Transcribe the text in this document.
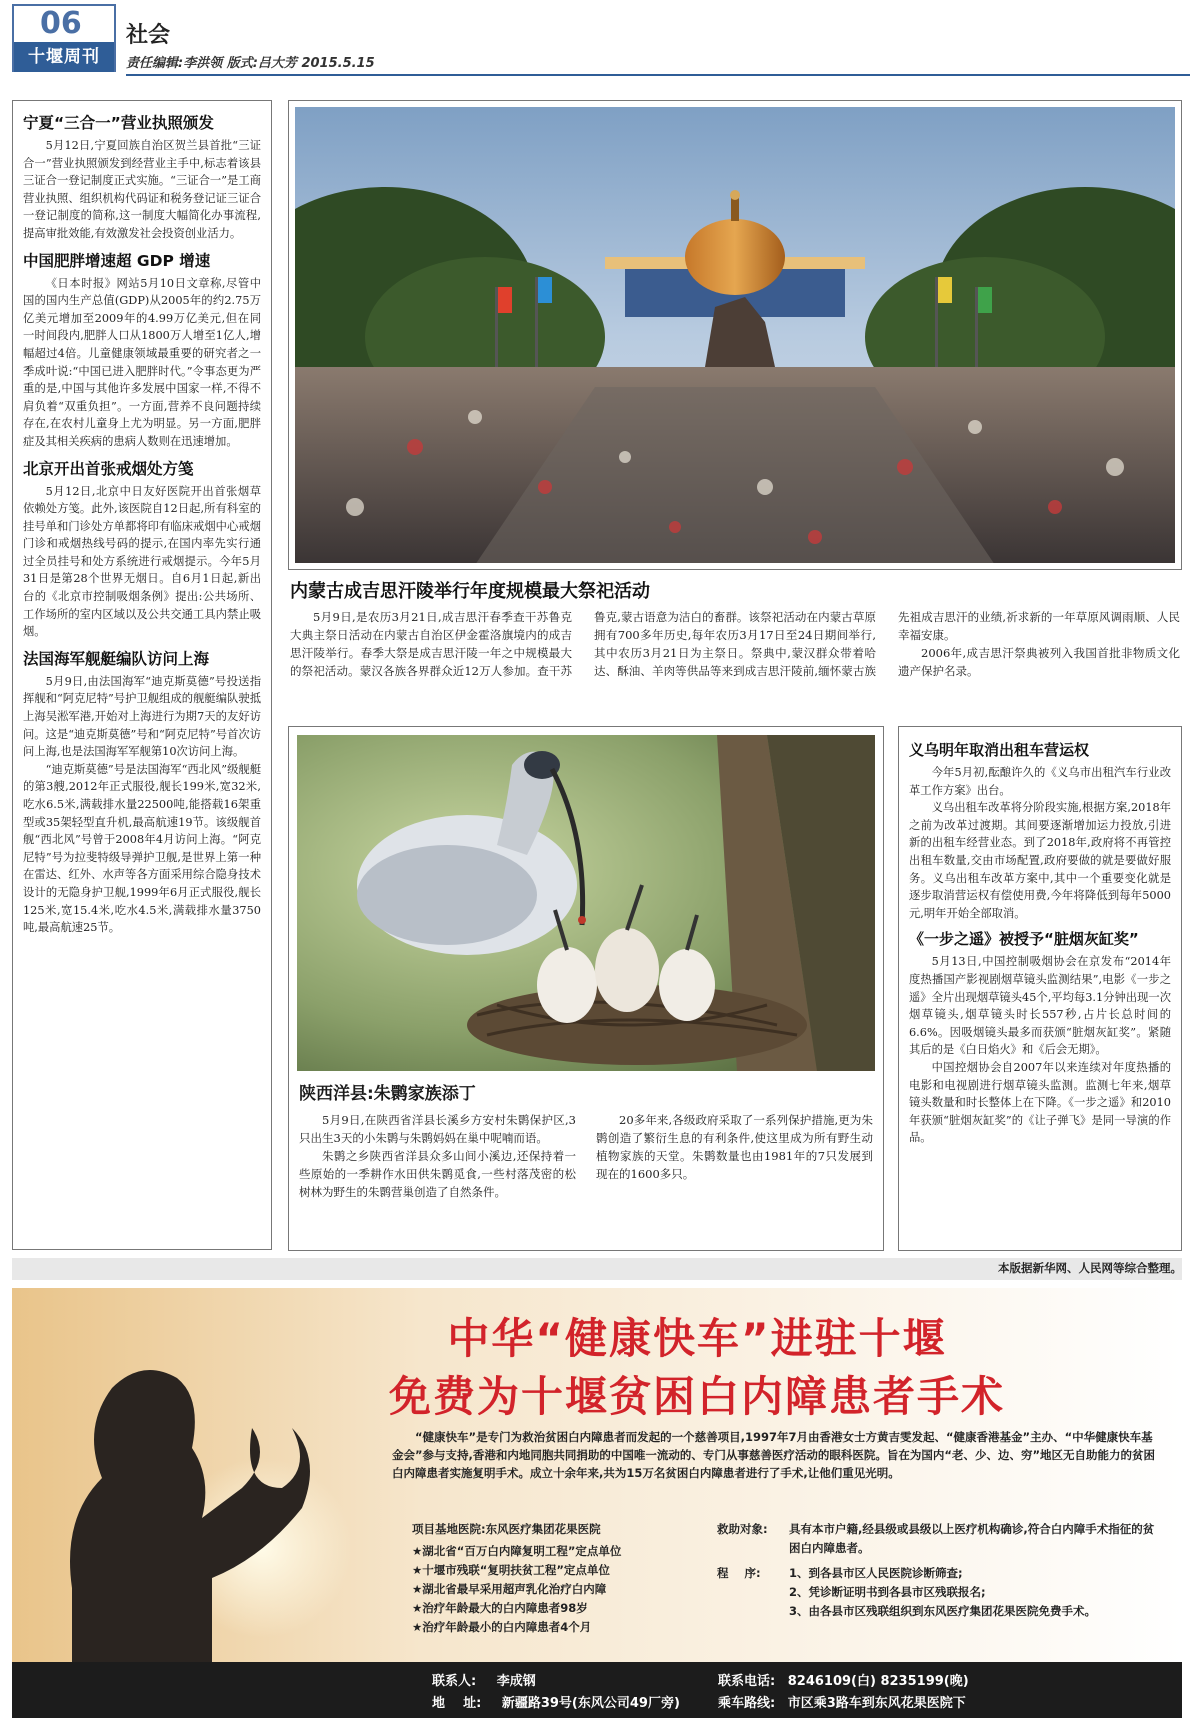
06
十堰周刊
社会
责任编辑:李洪领 版式:吕大芳 2015.5.15
宁夏“三合一”营业执照颁发

5月12日,宁夏回族自治区贺兰县首批“三证合一”营业执照颁发到经营业主手中,标志着该县三证合一登记制度正式实施。“三证合一”是工商营业执照、组织机构代码证和税务登记证三证合一登记制度的简称,这一制度大幅简化办事流程,提高审批效能,有效激发社会投资创业活力。

中国肥胖增速超 GDP 增速

《日本时报》网站5月10日文章称,尽管中国的国内生产总值(GDP)从2005年的约2.75万亿美元增加至2009年的4.99万亿美元,但在同一时间段内,肥胖人口从1800万人增至1亿人,增幅超过4倍。儿童健康领域最重要的研究者之一季成叶说:“中国已进入肥胖时代。”令事态更为严重的是,中国与其他许多发展中国家一样,不得不肩负着“双重负担”。一方面,营养不良问题持续存在,在农村儿童身上尤为明显。另一方面,肥胖症及其相关疾病的患病人数则在迅速增加。

北京开出首张戒烟处方笺

5月12日,北京中日友好医院开出首张烟草依赖处方笺。此外,该医院自12日起,所有科室的挂号单和门诊处方单都将印有临床戒烟中心戒烟门诊和戒烟热线号码的提示,在国内率先实行通过全员挂号和处方系统进行戒烟提示。今年5月31日是第28个世界无烟日。自6月1日起,新出台的《北京市控制吸烟条例》提出:公共场所、工作场所的室内区域以及公共交通工具内禁止吸烟。

法国海军舰艇编队访问上海

5月9日,由法国海军“迪克斯莫德”号投送指挥舰和“阿克尼特”号护卫舰组成的舰艇编队驶抵上海吴淞军港,开始对上海进行为期7天的友好访问。这是“迪克斯莫德”号和“阿克尼特”号首次访问上海,也是法国海军军舰第10次访问上海。

“迪克斯莫德”号是法国海军“西北风”级舰艇的第3艘,2012年正式服役,舰长199米,宽32米,吃水6.5米,满载排水量22500吨,能搭载16架重型或35架轻型直升机,最高航速19节。该级舰首舰“西北风”号曾于2008年4月访问上海。“阿克尼特”号为拉斐特级导弹护卫舰,是世界上第一种在雷达、红外、水声等各方面采用综合隐身技术设计的无隐身护卫舰,1999年6月正式服役,舰长125米,宽15.4米,吃水4.5米,满载排水量3750吨,最高航速25节。

内蒙古成吉思汗陵举行年度规模最大祭祀活动

5月9日,是农历3月21日,成吉思汗春季查干苏鲁克大典主祭日活动在内蒙古自治区伊金霍洛旗境内的成吉思汗陵举行。春季大祭是成吉思汗陵一年之中规模最大的祭祀活动。蒙汉各族各界群众近12万人参加。查干苏鲁克,蒙古语意为洁白的畜群。该祭祀活动在内蒙古草原拥有700多年历史,每年农历3月17日至24日期间举行,其中农历3月21日为主祭日。祭典中,蒙汉群众带着哈达、酥油、羊肉等供品等来到成吉思汗陵前,缅怀蒙古族先祖成吉思汗的业绩,祈求新的一年草原风调雨顺、人民幸福安康。

2006年,成吉思汗祭典被列入我国首批非物质文化遗产保护名录。

陕西洋县:朱鹮家族添丁

5月9日,在陕西省洋县长溪乡方安村朱鹮保护区,3只出生3天的小朱鹮与朱鹮妈妈在巢中呢喃而语。

朱鹮之乡陕西省洋县众多山间小溪边,还保持着一些原始的一季耕作水田供朱鹮觅食,一些村落茂密的松树林为野生的朱鹮营巢创造了自然条件。

20多年来,各级政府采取了一系列保护措施,更为朱鹮创造了繁衍生息的有利条件,使这里成为所有野生动植物家族的天堂。朱鹮数量也由1981年的7只发展到现在的1600多只。

义乌明年取消出租车营运权

今年5月初,酝酿许久的《义乌市出租汽车行业改革工作方案》出台。

义乌出租车改革将分阶段实施,根据方案,2018年之前为改革过渡期。其间要逐渐增加运力投放,引进新的出租车经营业态。到了2018年,政府将不再管控出租车数量,交由市场配置,政府要做的就是要做好服务。义乌出租车改革方案中,其中一个重要变化就是逐步取消营运权有偿使用费,今年将降低到每年5000元,明年开始全部取消。

《一步之遥》被授予“脏烟灰缸奖”

5月13日,中国控制吸烟协会在京发布“2014年度热播国产影视剧烟草镜头监测结果”,电影《一步之遥》全片出现烟草镜头45个,平均每3.1分钟出现一次烟草镜头,烟草镜头时长557秒,占片长总时间的6.6%。因吸烟镜头最多而获颁“脏烟灰缸奖”。紧随其后的是《白日焰火》和《后会无期》。

中国控烟协会自2007年以来连续对年度热播的电影和电视剧进行烟草镜头监测。监测七年来,烟草镜头数量和时长整体上在下降。《一步之遥》和2010年获颁“脏烟灰缸奖”的《让子弹飞》是同一导演的作品。

本版据新华网、人民网等综合整理。
中华“健康快车”进驻十堰
免费为十堰贫困白内障患者手术
“健康快车”是专门为救治贫困白内障患者而发起的一个慈善项目,1997年7月由香港女士方黄吉雯发起、“健康香港基金”主办、“中华健康快车基金会”参与支持,香港和内地同胞共同捐助的中国唯一流动的、专门从事慈善医疗活动的眼科医院。旨在为国内“老、少、边、穷”地区无自助能力的贫困白内障患者实施复明手术。成立十余年来,共为15万名贫困白内障患者进行了手术,让他们重见光明。
项目基地医院:东风医疗集团花果医院
★湖北省“百万白内障复明工程”定点单位
★十堰市残联“复明扶贫工程”定点单位
★湖北省最早采用超声乳化治疗白内障
★治疗年龄最大的白内障患者98岁
★治疗年龄最小的白内障患者4个月
救助对象:	具有本市户籍,经县级或县级以上医疗机构确诊,符合白内障手术指征的贫困白内障患者。
程    序:	1、到各县市区人民医院诊断筛查;
2、凭诊断证明书到各县市区残联报名;
3、由各县市区残联组织到东风医疗集团花果医院免费手术。
联系人: 李成钢	联系电话: 8246109(白) 8235199(晚)
地    址: 新疆路39号(东风公司49厂旁)	乘车路线: 市区乘3路车到东风花果医院下
